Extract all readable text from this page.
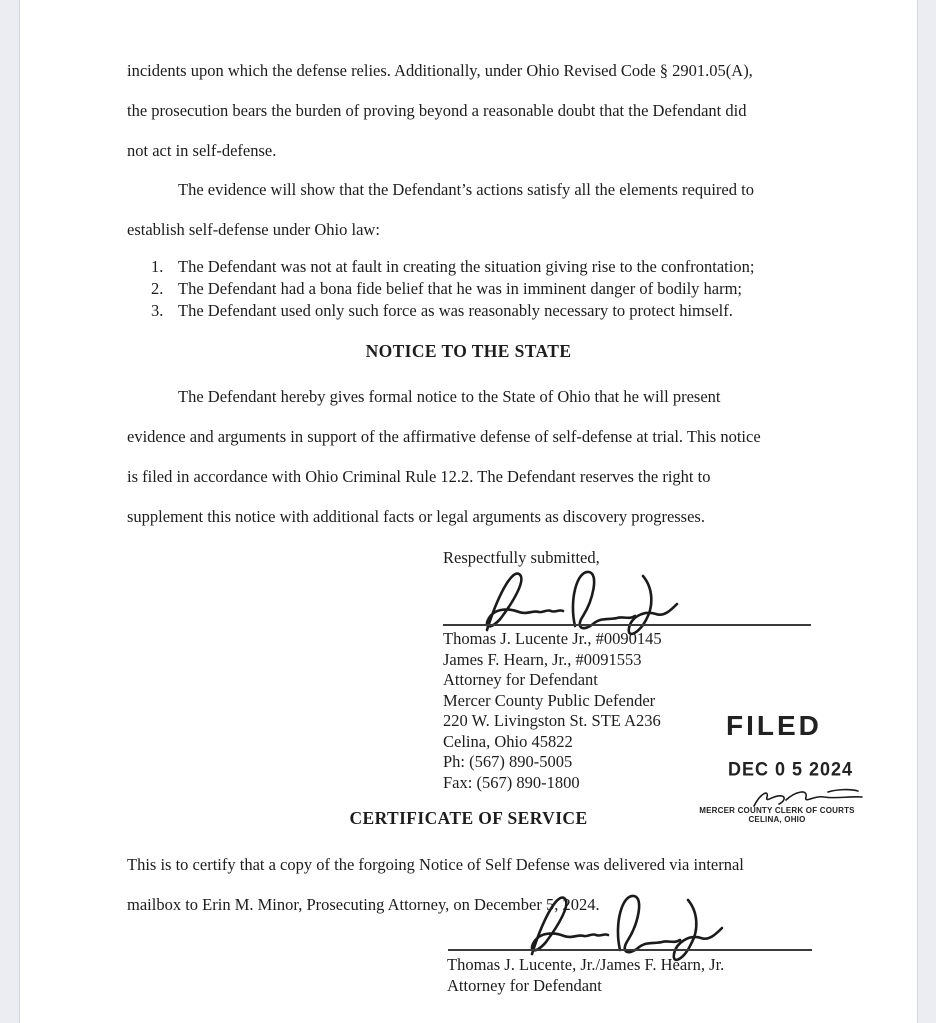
incidents upon which the defense relies. Additionally, under Ohio Revised Code § 2901.05(A),
the prosecution bears the burden of proving beyond a reasonable doubt that the Defendant did
not act in self-defense.
The evidence will show that the Defendant’s actions satisfy all the elements required to
establish self-defense under Ohio law:
1. The Defendant was not at fault in creating the situation giving rise to the confrontation;
2. The Defendant had a bona fide belief that he was in imminent danger of bodily harm;
3. The Defendant used only such force as was reasonably necessary to protect himself.
NOTICE TO THE STATE
The Defendant hereby gives formal notice to the State of Ohio that he will present
evidence and arguments in support of the affirmative defense of self-defense at trial. This notice
is filed in accordance with Ohio Criminal Rule 12.2. The Defendant reserves the right to
supplement this notice with additional facts or legal arguments as discovery progresses.
Respectfully submitted,
Thomas J. Lucente Jr., #0090145
James F. Hearn, Jr., #0091553
Attorney for Defendant
Mercer County Public Defender
220 W. Livingston St. STE A236
Celina, Ohio 45822
Ph: (567) 890-5005
Fax: (567) 890-1800
FILED
DEC 0 5 2024
MERCER COUNTY CLERK OF COURTS
CELINA, OHIO
CERTIFICATE OF SERVICE
This is to certify that a copy of the forgoing Notice of Self Defense was delivered via internal
mailbox to Erin M. Minor, Prosecuting Attorney, on December 5, 2024.
Thomas J. Lucente, Jr./James F. Hearn, Jr.
Attorney for Defendant
